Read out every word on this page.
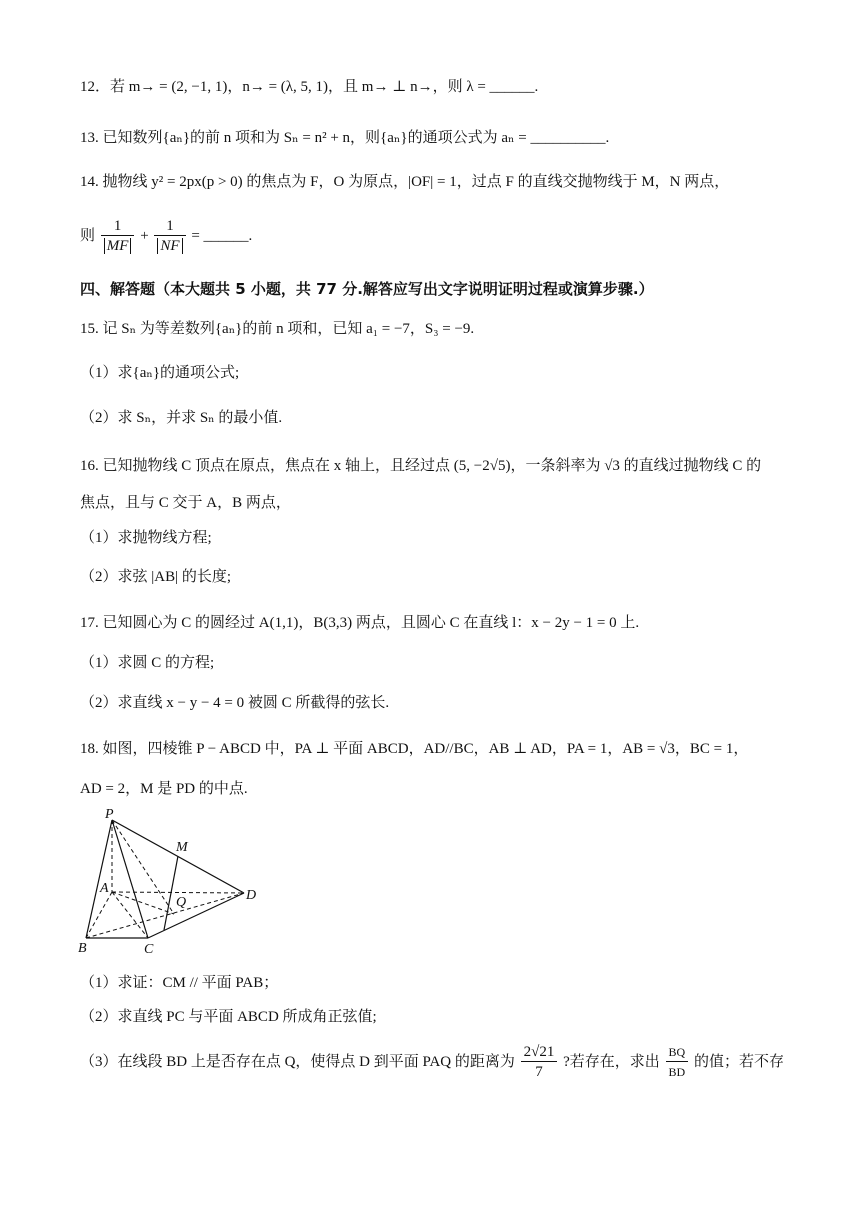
12．若 m→ = (2, −1, 1)，n→ = (λ, 5, 1)，且 m→ ⊥ n→，则 λ = ______.
13. 已知数列{aₙ}的前 n 项和为 Sₙ = n² + n，则{aₙ}的通项公式为 aₙ = __________.
14. 抛物线 y² = 2px(p > 0) 的焦点为 F，O 为原点，|OF| = 1，过点 F 的直线交抛物线于 M，N 两点，
则 $\frac{1}{MF} + \frac{1}{NF}$ = ______.
四、解答题（本大题共 5 小题，共 77 分.解答应写出文字说明证明过程或演算步骤.）
15. 记 Sₙ 为等差数列{aₙ}的前 n 项和，已知 a₁ = −7，S₃ = −9.
（1）求{aₙ}的通项公式;
（2）求 Sₙ，并求 Sₙ 的最小值.
16. 已知抛物线 C 顶点在原点，焦点在 x 轴上，且经过点 (5, −2√5)，一条斜率为 √3 的直线过抛物线 C 的
焦点，且与 C 交于 A，B 两点，
（1）求抛物线方程;
（2）求弦 |AB| 的长度;
17. 已知圆心为 C 的圆经过 A(1,1)，B(3,3) 两点，且圆心 C 在直线 l：x − 2y − 1 = 0 上.
（1）求圆 C 的方程;
（2）求直线 x − y − 4 = 0 被圆 C 所截得的弦长.
18. 如图，四棱锥 P − ABCD 中，PA ⊥ 平面 ABCD，AD//BC，AB ⊥ AD，PA = 1，AB = √3，BC = 1，
AD = 2，M 是 PD 的中点.
P
M
A
Q	D
B	C
（1）求证：CM // 平面 PAB；
（2）求直线 PC 与平面 ABCD 所成角正弦值;
（3）在线段 BD 上是否存在点 Q，使得点 D 到平面 PAQ 的距离为 $\frac{2√21}{7}$ ?若存在，求出 $\frac{BQ}{BD}$ 的值；若不存
